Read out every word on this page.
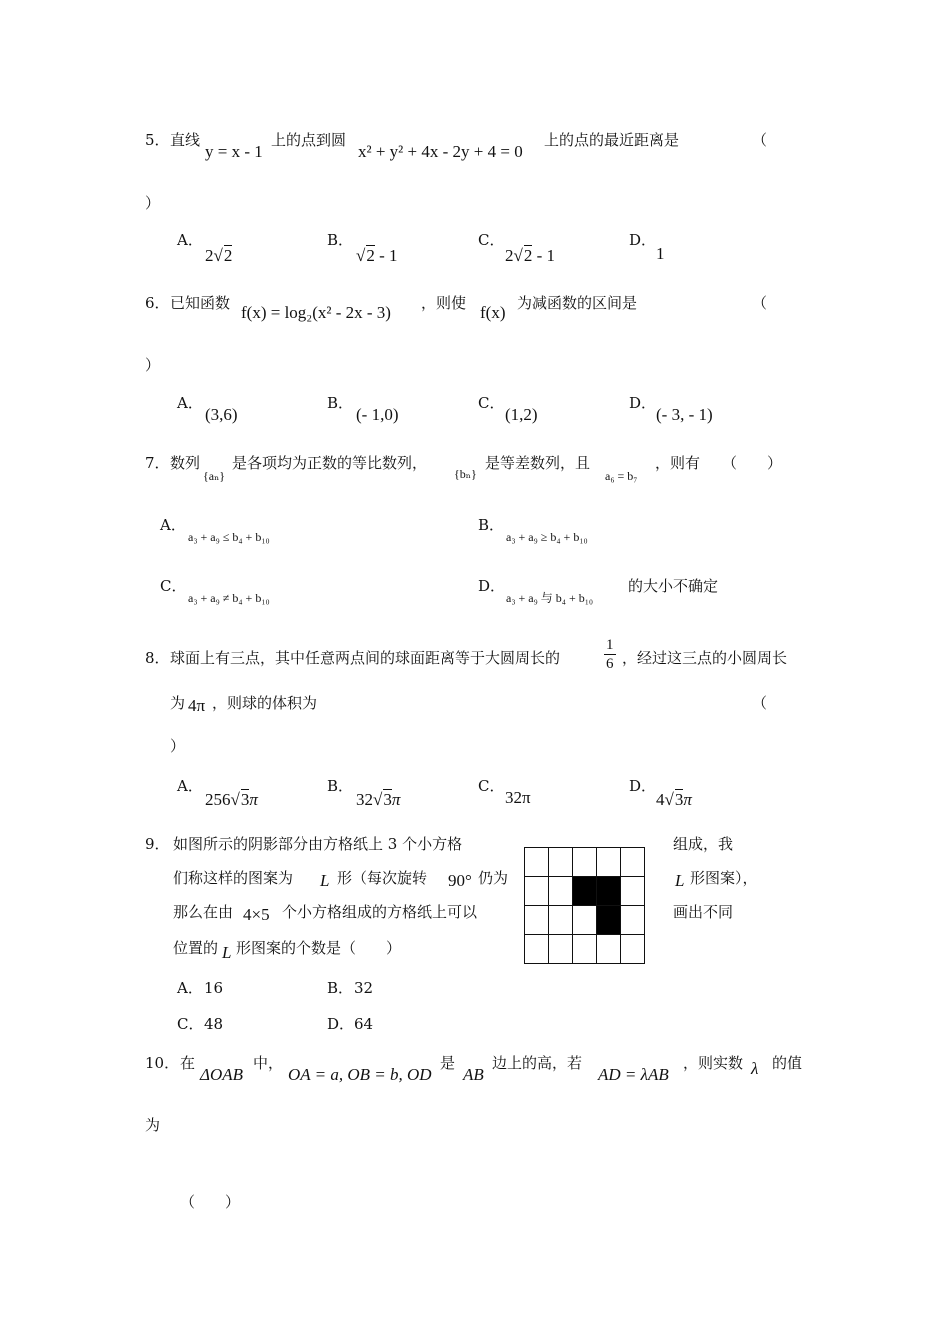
5． 直线
y = x - 1
上的点到圆
x² + y² + 4x - 2y + 4 = 0
上的点的最近距离是	（
）
A．
2√2
B．
√2 - 1
C．
2√2 - 1
D．
1
6． 已知函数 f(x) = log₂(x² - 2x - 3) ，则使 f(x) 为减函数的区间是	（
）
A．
(3,6)
B．
(- 1,0)
C．
(1,2)
D．
(- 3, - 1)
7． 数列
{aₙ}
是各项均为正数的等比数列，
{bₙ}
是等差数列，且
a₆ = b₇
，则有 （　　）
A．
a₃ + a₉ ≤ b₄ + b₁₀
B．
a₃ + a₉ ≥ b₄ + b₁₀
C．
a₃ + a₉ ≠ b₄ + b₁₀
D．
a₃ + a₉ 与 b₄ + b₁₀
的大小不确定
8． 球面上有三点，其中任意两点间的球面距离等于大圆周长的	$\frac{1}{6}$ ，经过这三点的小圆周长
为 4π ，则球的体积为	（
）
A．
256√3π
B．
32√3π
C．
32π
D．
4√3π
9． 如图所示的阴影部分由方格纸上 3 个小方格	组成，我
们称这样的图案为 L 形（每次旋转 90° 仍为	L 形图案），
那么在由 4×5 个小方格组成的方格纸上可以	画出不同
位置的 L 形图案的个数是（　　）

A． 16	B． 32
C． 48	D． 64
10． 在
ΔOAB
中，
OA = a, OB = b, OD
是
AB
边上的高，若
AD = λAB
，则实数 λ 的值
为
（　　）
